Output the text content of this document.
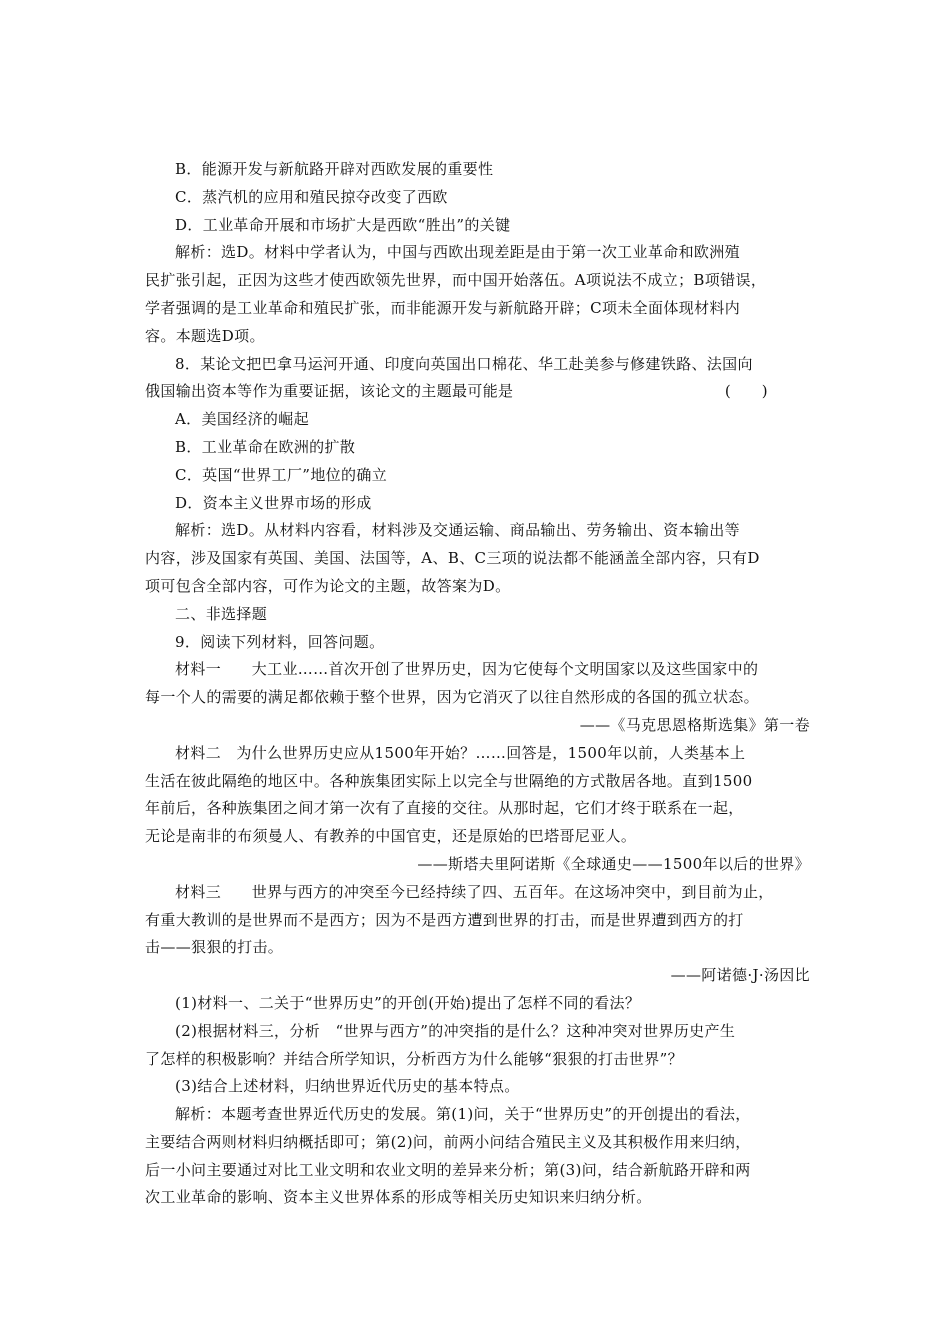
B．能源开发与新航路开辟对西欧发展的重要性
C．蒸汽机的应用和殖民掠夺改变了西欧
D．工业革命开展和市场扩大是西欧“胜出”的关键
解析：选D。材料中学者认为，中国与西欧出现差距是由于第一次工业革命和欧洲殖
民扩张引起，正因为这些才使西欧领先世界，而中国开始落伍。A项说法不成立；B项错误，
学者强调的是工业革命和殖民扩张，而非能源开发与新航路开辟；C项未全面体现材料内
容。本题选D项。
8．某论文把巴拿马运河开通、印度向英国出口棉花、华工赴美参与修建铁路、法国向
俄国输出资本等作为重要证据，该论文的主题最可能是	(　　)
A．美国经济的崛起
B．工业革命在欧洲的扩散
C．英国“世界工厂”地位的确立
D．资本主义世界市场的形成
解析：选D。从材料内容看，材料涉及交通运输、商品输出、劳务输出、资本输出等
内容，涉及国家有英国、美国、法国等，A、B、C三项的说法都不能涵盖全部内容，只有D
项可包含全部内容，可作为论文的主题，故答案为D。
二、非选择题
9．阅读下列材料，回答问题。
材料一　　大工业……首次开创了世界历史，因为它使每个文明国家以及这些国家中的
每一个人的需要的满足都依赖于整个世界，因为它消灭了以往自然形成的各国的孤立状态。
——《马克思恩格斯选集》第一卷
材料二　为什么世界历史应从1500年开始？……回答是，1500年以前，人类基本上
生活在彼此隔绝的地区中。各种族集团实际上以完全与世隔绝的方式散居各地。直到1500
年前后，各种族集团之间才第一次有了直接的交往。从那时起，它们才终于联系在一起，
无论是南非的布须曼人、有教养的中国官吏，还是原始的巴塔哥尼亚人。
——斯塔夫里阿诺斯《全球通史——1500年以后的世界》
材料三　　世界与西方的冲突至今已经持续了四、五百年。在这场冲突中，到目前为止，
有重大教训的是世界而不是西方；因为不是西方遭到世界的打击，而是世界遭到西方的打
击——狠狠的打击。
——阿诺德·J·汤因比
(1)材料一、二关于“世界历史”的开创(开始)提出了怎样不同的看法？
(2)根据材料三，分析　“世界与西方”的冲突指的是什么？这种冲突对世界历史产生
了怎样的积极影响？并结合所学知识，分析西方为什么能够“狠狠的打击世界”？
(3)结合上述材料，归纳世界近代历史的基本特点。
解析：本题考查世界近代历史的发展。第(1)问，关于“世界历史”的开创提出的看法，
主要结合两则材料归纳概括即可；第(2)问，前两小问结合殖民主义及其积极作用来归纳，
后一小问主要通过对比工业文明和农业文明的差异来分析；第(3)问，结合新航路开辟和两
次工业革命的影响、资本主义世界体系的形成等相关历史知识来归纳分析。
